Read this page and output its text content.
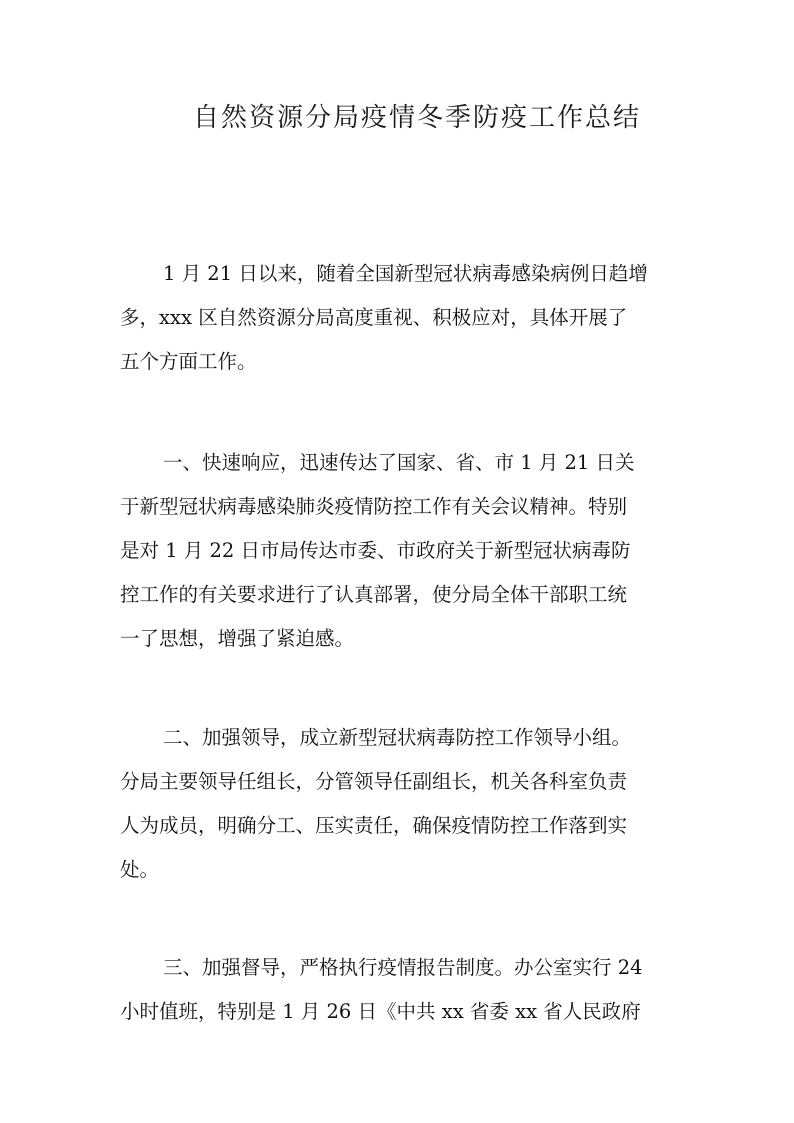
自然资源分局疫情冬季防疫工作总结
1 月 21 日以来，随着全国新型冠状病毒感染病例日趋增
多，xxx 区自然资源分局高度重视、积极应对，具体开展了
五个方面工作。
一、快速响应，迅速传达了国家、省、市 1 月 21 日关
于新型冠状病毒感染肺炎疫情防控工作有关会议精神。特别
是对 1 月 22 日市局传达市委、市政府关于新型冠状病毒防
控工作的有关要求进行了认真部署，使分局全体干部职工统
一了思想，增强了紧迫感。
二、加强领导，成立新型冠状病毒防控工作领导小组。
分局主要领导任组长，分管领导任副组长，机关各科室负责
人为成员，明确分工、压实责任，确保疫情防控工作落到实
处。
三、加强督导，严格执行疫情报告制度。办公室实行 24
小时值班，特别是 1 月 26 日《中共 xx 省委 xx 省人民政府
